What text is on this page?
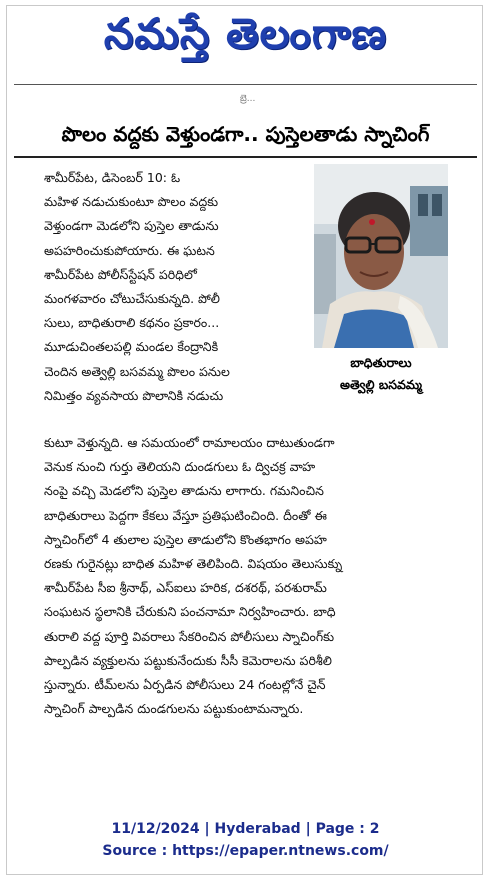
నమస్తే తెలంగాణ
బ్రె...
పొలం వద్దకు వెళ్తుండగా.. పుస్తెలతాడు స్నాచింగ్
శామీర్‌పేట, డిసెంబర్ 10: ఓ
మహిళ నడుచుకుంటూ పొలం వద్దకు
వెళ్తుండగా మెడలోని పుస్తెల తాడును
అపహరించుకుపోయారు. ఈ ఘటన
శామీర్‌పేట పోలీస్‌స్టేషన్ పరిధిలో
మంగళవారం చోటుచేసుకున్నది. పోలీ
సులు, బాధితురాలి కథనం ప్రకారం...
మూడుచింతలపల్లి మండల కేంద్రానికి
చెందిన అత్వెల్లి బసవమ్మ పొలం పనుల
నిమిత్తం వ్యవసాయ పొలానికి నడుచు
బాధితురాలు
అత్వెల్లి బసవమ్మ
కుటూ వెళ్తున్నది. ఆ సమయంలో రామాలయం దాటుతుండగా
వెనుక నుంచి గుర్తు తెలియని దుండగులు ఓ ద్విచక్ర వాహ
నంపై వచ్చి మెడలోని పుస్తెల తాడును లాగారు. గమనించిన
బాధితురాలు పెద్దగా కేకలు వేస్తూ ప్రతిఘటించింది. దీంతో ఈ
స్నాచింగ్‌లో 4 తులాల పుస్తెల తాడులోని కొంతభాగం అపహ
రణకు గురైనట్లు బాధిత మహిళ తెలిపింది. విషయం తెలుసుక్ను
శామీర్‌పేట సీఐ శ్రీనాథ్, ఎస్‌ఐలు హరిక, దశరథ్, పరశురామ్
సంఘటన స్థలానికి చేరుకుని పంచనామా నిర్వహించారు. బాధి
తురాలి వద్ద పూర్తి వివరాలు సేకరించిన పోలీసులు స్నాచింగ్‌కు
పాల్పడిన వ్యక్తులను పట్టుకునేందుకు సీసీ కెమెరాలను పరిశీలి
స్తున్నారు. టీమ్‌లను ఏర్పడిన పోలీసులు 24 గంటల్లోనే చైన్
స్నాచింగ్ పాల్పడిన దుండగులను పట్టుకుంటామన్నారు.
11/12/2024 | Hyderabad | Page : 2
Source : https://epaper.ntnews.com/
